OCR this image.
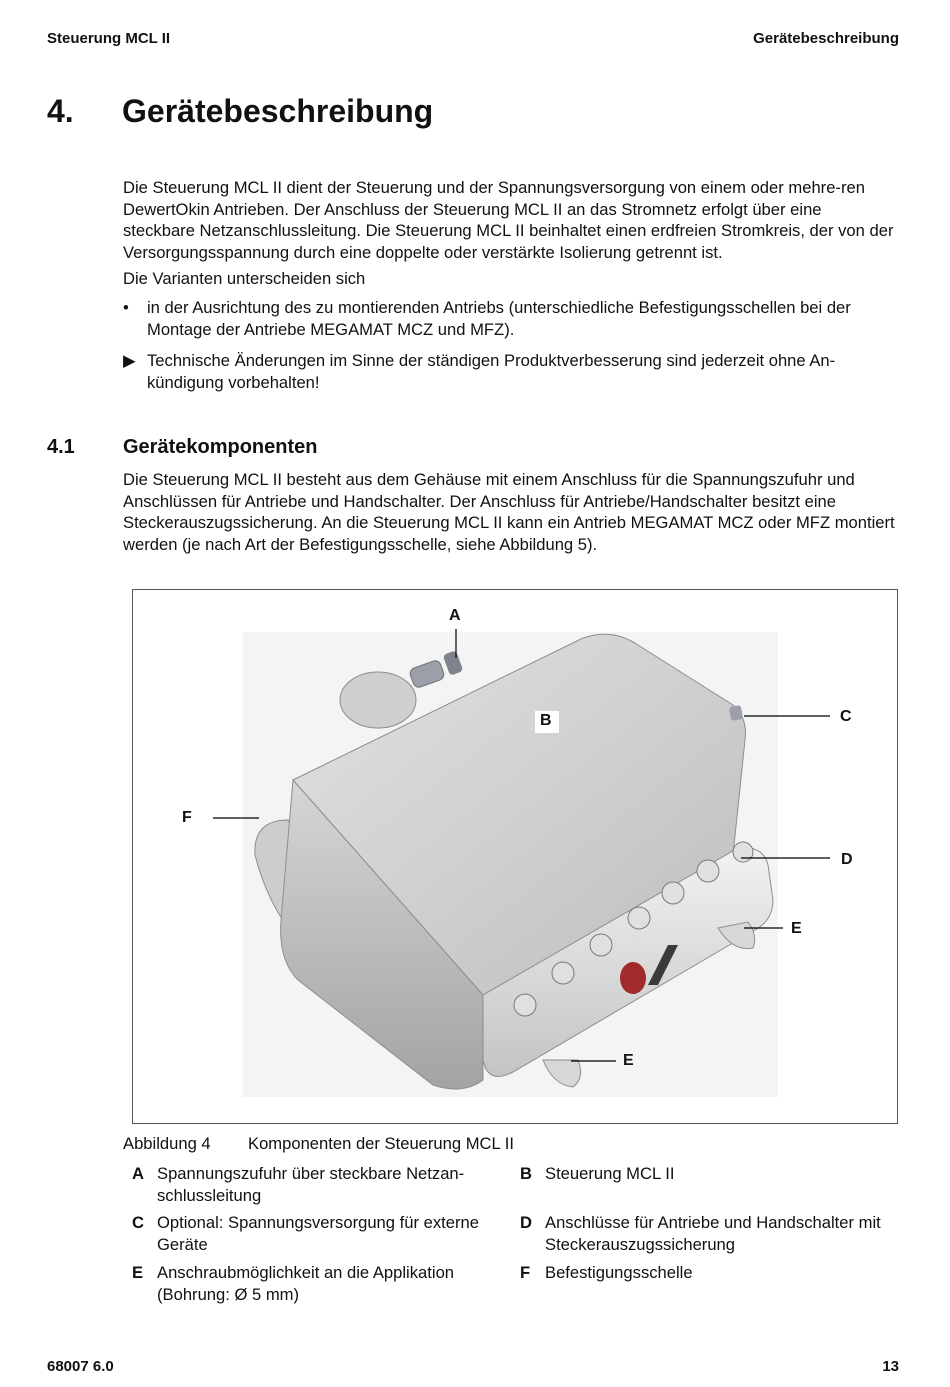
Steuerung MCL II	Gerätebeschreibung
4. Gerätebeschreibung
Die Steuerung MCL II dient der Steuerung und der Spannungsversorgung von einem oder mehre-ren DewertOkin Antrieben. Der Anschluss der Steuerung MCL II an das Stromnetz erfolgt über eine steckbare Netzanschlussleitung. Die Steuerung MCL II beinhaltet einen erdfreien Stromkreis, der von der Versorgungsspannung durch eine doppelte oder verstärkte Isolierung getrennt ist.
Die Varianten unterscheiden sich
•	in der Ausrichtung des zu montierenden Antriebs (unterschiedliche Befestigungsschellen bei der Montage der Antriebe MEGAMAT MCZ und MFZ).
▶ Technische Änderungen im Sinne der ständigen Produktverbesserung sind jederzeit ohne An-kündigung vorbehalten!
4.1 Gerätekomponenten
Die Steuerung MCL II besteht aus dem Gehäuse mit einem Anschluss für die Spannungszufuhr und Anschlüssen für Antriebe und Handschalter. Der Anschluss für Antriebe/Handschalter besitzt eine Steckerauszugssicherung. An die Steuerung MCL II kann ein Antrieb MEGAMAT MCZ oder MFZ montiert werden (je nach Art der Befestigungsschelle, siehe Abbildung 5).
A
B	C
D
E
E
F
Abbildung 4 Komponenten der Steuerung MCL II
A Spannungszufuhr über steckbare Netzan-schlussleitung
B Steuerung MCL II
C Optional: Spannungsversorgung für externe Geräte
D Anschlüsse für Antriebe und Handschalter mit Steckerauszugssicherung
E Anschraubmöglichkeit an die Applikation (Bohrung: Ø 5 mm)
F Befestigungsschelle
68007 6.0	13
